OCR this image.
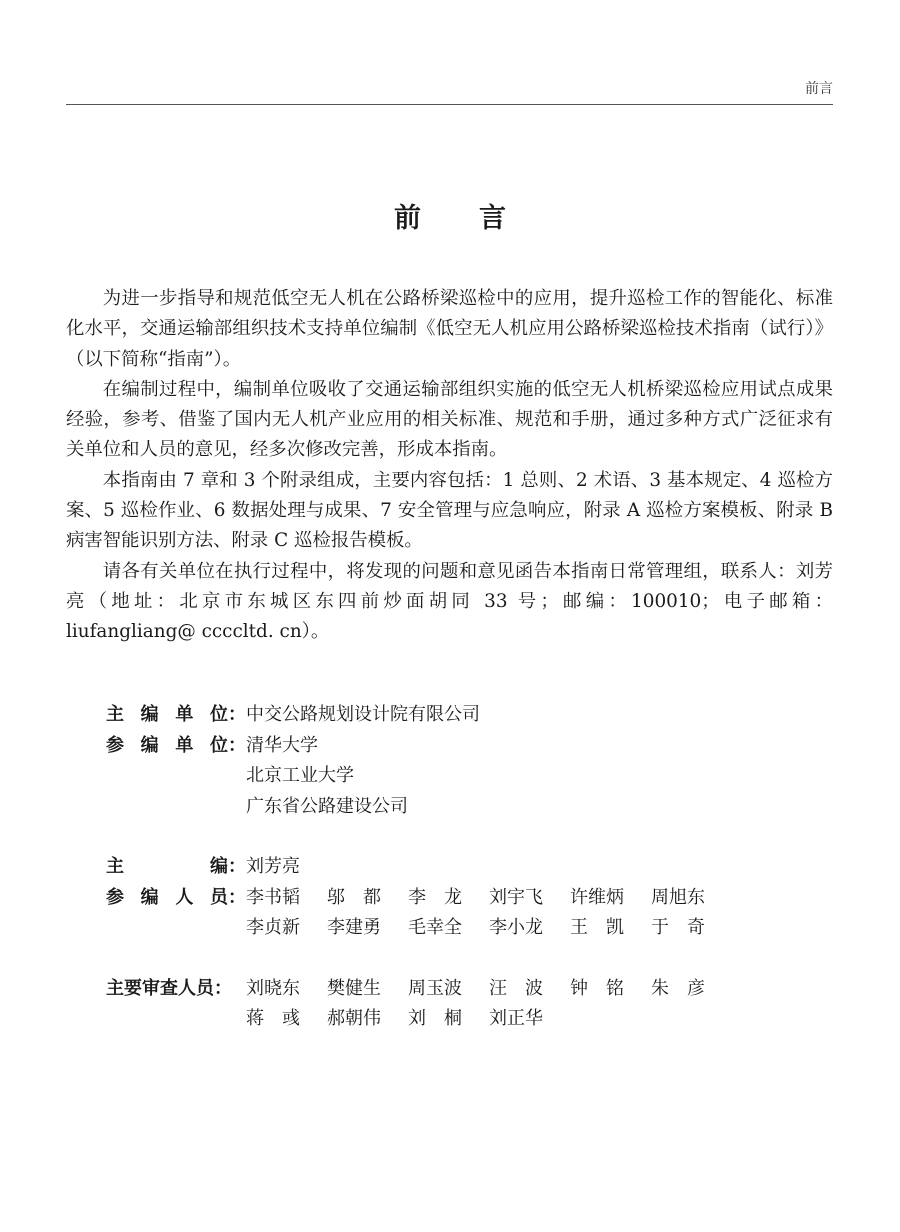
前言
前 言

为进一步指导和规范低空无人机在公路桥梁巡检中的应用，提升巡检工作的智能化、标准化水平，交通运输部组织技术支持单位编制《低空无人机应用公路桥梁巡检技术指南（试行）》（以下简称“指南”）。

在编制过程中，编制单位吸收了交通运输部组织实施的低空无人机桥梁巡检应用试点成果经验，参考、借鉴了国内无人机产业应用的相关标准、规范和手册，通过多种方式广泛征求有关单位和人员的意见，经多次修改完善，形成本指南。

本指南由 7 章和 3 个附录组成，主要内容包括：1 总则、2 术语、3 基本规定、4 巡检方案、5 巡检作业、6 数据处理与成果、7 安全管理与应急响应，附录 A 巡检方案模板、附录 B 病害智能识别方法、附录 C 巡检报告模板。

请各有关单位在执行过程中，将发现的问题和意见函告本指南日常管理组，联系人：刘芳亮（地址：北京市东城区东四前炒面胡同 33 号；邮编：100010；电子邮箱：liufangliang@ cccсltd. cn）。

主 编 单 位： 中交公路规划设计院有限公司
参 编 单 位： 清华大学
北京工业大学
广东省公路建设公司
主	编： 刘芳亮
参 编 人 员： 李书韬	邬　都	李　龙	刘宇飞	许维炳	周旭东
李贞新	李建勇	毛幸全	李小龙	王　凯	于　奇
主要审查人员： 刘晓东	樊健生	周玉波	汪　波	钟　铭	朱　彦
蒋　彧	郝朝伟	刘　桐	刘正华
